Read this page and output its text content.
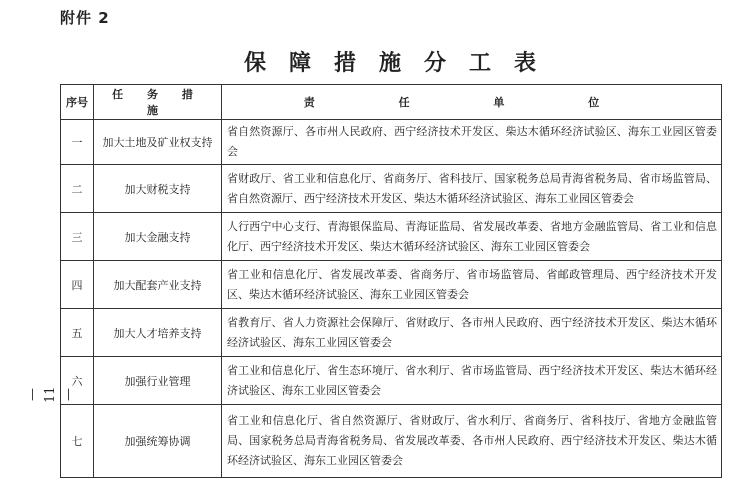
附件 2
保障措施分工表
序号	任 务 措 施	责 任 单 位
一	加大土地及矿业权支持	省自然资源厅、各市州人民政府、西宁经济技术开发区、柴达木循环经济试验区、海东工业园区管委会
二	加大财税支持	省财政厅、省工业和信息化厅、省商务厅、省科技厅、国家税务总局青海省税务局、省市场监管局、省自然资源厅、西宁经济技术开发区、柴达木循环经济试验区、海东工业园区管委会
三	加大金融支持	人行西宁中心支行、青海银保监局、青海证监局、省发展改革委、省地方金融监管局、省工业和信息化厅、西宁经济技术开发区、柴达木循环经济试验区、海东工业园区管委会
四	加大配套产业支持	省工业和信息化厅、省发展改革委、省商务厅、省市场监管局、省邮政管理局、西宁经济技术开发区、柴达木循环经济试验区、海东工业园区管委会
五	加大人才培养支持	省教育厅、省人力资源社会保障厅、省财政厅、各市州人民政府、西宁经济技术开发区、柴达木循环经济试验区、海东工业园区管委会
六	加强行业管理	省工业和信息化厅、省生态环境厅、省水利厅、省市场监管局、西宁经济技术开发区、柴达木循环经济试验区、海东工业园区管委会
七	加强统筹协调	省工业和信息化厅、省自然资源厅、省财政厅、省水利厅、省商务厅、省科技厅、省地方金融监管局、国家税务总局青海省税务局、省发展改革委、各市州人民政府、西宁经济技术开发区、柴达木循环经济试验区、海东工业园区管委会
— 11 —
